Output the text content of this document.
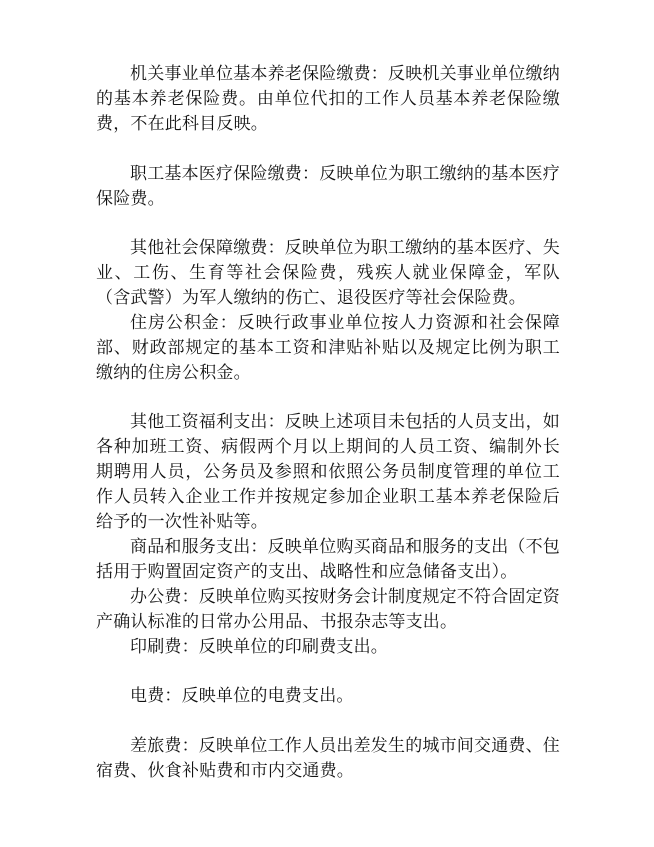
机关事业单位基本养老保险缴费：反映机关事业单位缴纳的基本养老保险费。由单位代扣的工作人员基本养老保险缴费，不在此科目反映。

职工基本医疗保险缴费：反映单位为职工缴纳的基本医疗保险费。

其他社会保障缴费：反映单位为职工缴纳的基本医疗、失业、工伤、生育等社会保险费，残疾人就业保障金，军队（含武警）为军人缴纳的伤亡、退役医疗等社会保险费。

住房公积金：反映行政事业单位按人力资源和社会保障部、财政部规定的基本工资和津贴补贴以及规定比例为职工缴纳的住房公积金。

其他工资福利支出：反映上述项目未包括的人员支出，如各种加班工资、病假两个月以上期间的人员工资、编制外长期聘用人员，公务员及参照和依照公务员制度管理的单位工作人员转入企业工作并按规定参加企业职工基本养老保险后给予的一次性补贴等。

商品和服务支出：反映单位购买商品和服务的支出（不包括用于购置固定资产的支出、战略性和应急储备支出）。

办公费：反映单位购买按财务会计制度规定不符合固定资产确认标准的日常办公用品、书报杂志等支出。

印刷费：反映单位的印刷费支出。

电费：反映单位的电费支出。

差旅费：反映单位工作人员出差发生的城市间交通费、住宿费、伙食补贴费和市内交通费。
